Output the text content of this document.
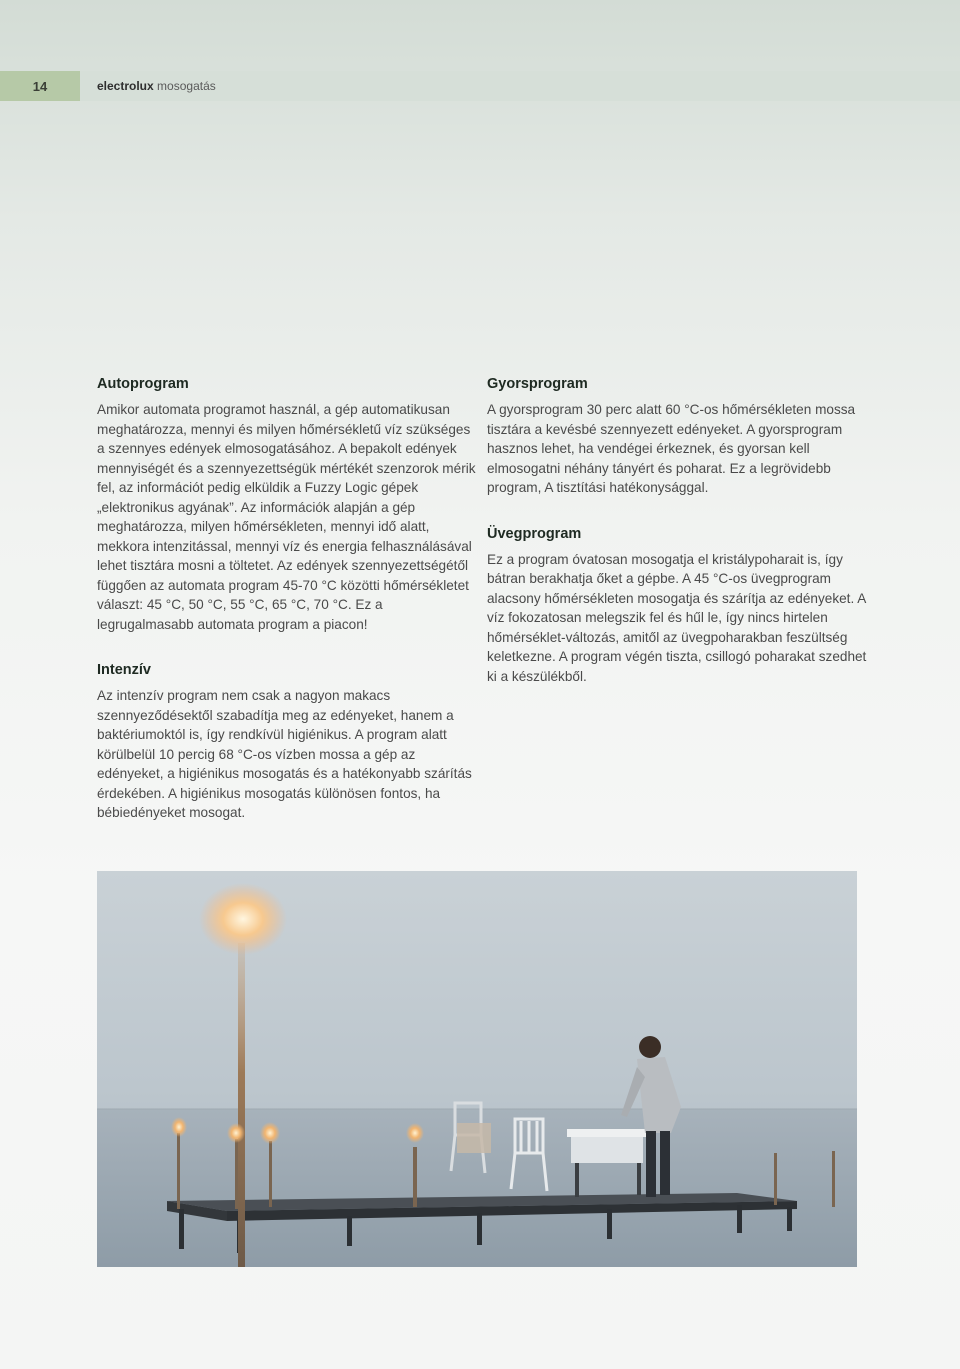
14	electrolux mosogatás
Autoprogram

Amikor automata programot használ, a gép automatikusan meghatározza, mennyi és milyen hőmérsékletű víz szükséges a szennyes edények elmosogatásához. A bepakolt edények mennyiségét és a szennyezettségük mértékét szenzorok mérik fel, az információt pedig elküldik a Fuzzy Logic gépek „elektronikus agyának”. Az információk alapján a gép meghatározza, milyen hőmérsékleten, mennyi idő alatt, mekkora intenzitással, mennyi víz és energia felhasználásával lehet tisztára mosni a töltetet. Az edények szennyezettségétől függően az automata program 45-70 °C közötti hőmérsékletet választ: 45 °C, 50 °C, 55 °C, 65 °C, 70 °C. Ez a legrugalmasabb automata program a piacon!

Intenzív

Az intenzív program nem csak a nagyon makacs szennyeződésektől szabadítja meg az edényeket, hanem a baktériumoktól is, így rendkívül higiénikus. A program alatt körülbelül 10 percig 68 °C-os vízben mossa a gép az edényeket, a higiénikus mosogatás és a hatékonyabb szárítás érdekében. A higiénikus mosogatás különösen fontos, ha bébiedényeket mosogat.

Gyorsprogram

A gyorsprogram 30 perc alatt 60 °C-os hőmérsékleten mossa tisztára a kevésbé szennyezett edényeket. A gyorsprogram hasznos lehet, ha vendégei érkeznek, és gyorsan kell elmosogatni néhány tányért és poharat. Ez a legrövidebb program, A tisztítási hatékonysággal.

Üvegprogram

Ez a program óvatosan mosogatja el kristálypoharait is, így bátran berakhatja őket a gépbe. A 45 °C-os üvegprogram alacsony hőmérsékleten mosogatja és szárítja az edényeket. A víz fokozatosan melegszik fel és hűl le, így nincs hirtelen hőmérséklet-változás, amitől az üvegpoharakban feszültség keletkezne. A program végén tiszta, csillogó poharakat szedhet ki a készülékből.
